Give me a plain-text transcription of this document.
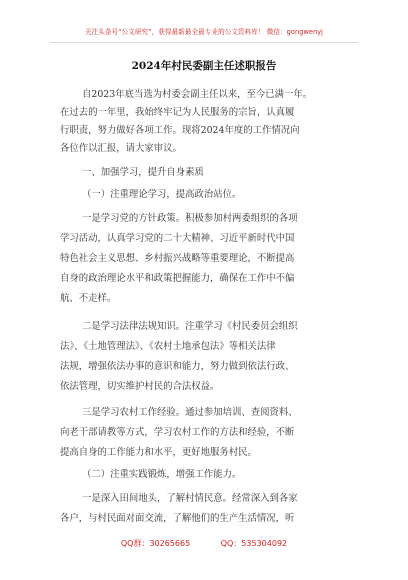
关注头条号“公文研究”，获得最新最全最专业的公文资料库！ 微信：gongwenyj
2024年村民委副主任述职报告
自2023年底当选为村委会副主任以来，至今已满一年。
在过去的一年里，我始终牢记为人民服务的宗旨，认真履
行职责，努力做好各项工作。现将2024年度的工作情况向
各位作以汇报，请大家审议。
一、加强学习，提升自身素质
（一）注重理论学习，提高政治站位。
一是学习党的方针政策。积极参加村两委组织的各项
学习活动，认真学习党的二十大精神、习近平新时代中国
特色社会主义思想、乡村振兴战略等重要理论，不断提高
自身的政治理论水平和政策把握能力，确保在工作中不偏
航、不走样。
二是学习法律法规知识。注重学习《村民委员会组织
法》、《土地管理法》、《农村土地承包法》等相关法律
法规，增强依法办事的意识和能力，努力做到依法行政、
依法管理，切实维护村民的合法权益。
三是学习农村工作经验。通过参加培训、查阅资料、
向老干部请教等方式，学习农村工作的方法和经验，不断
提高自身的工作能力和水平，更好地服务村民。
（二）注重实践锻炼，增强工作能力。
一是深入田间地头，了解村情民意。经常深入到各家
各户，与村民面对面交流，了解他们的生产生活情况，听
QQ群：30265665	QQ：535304092
